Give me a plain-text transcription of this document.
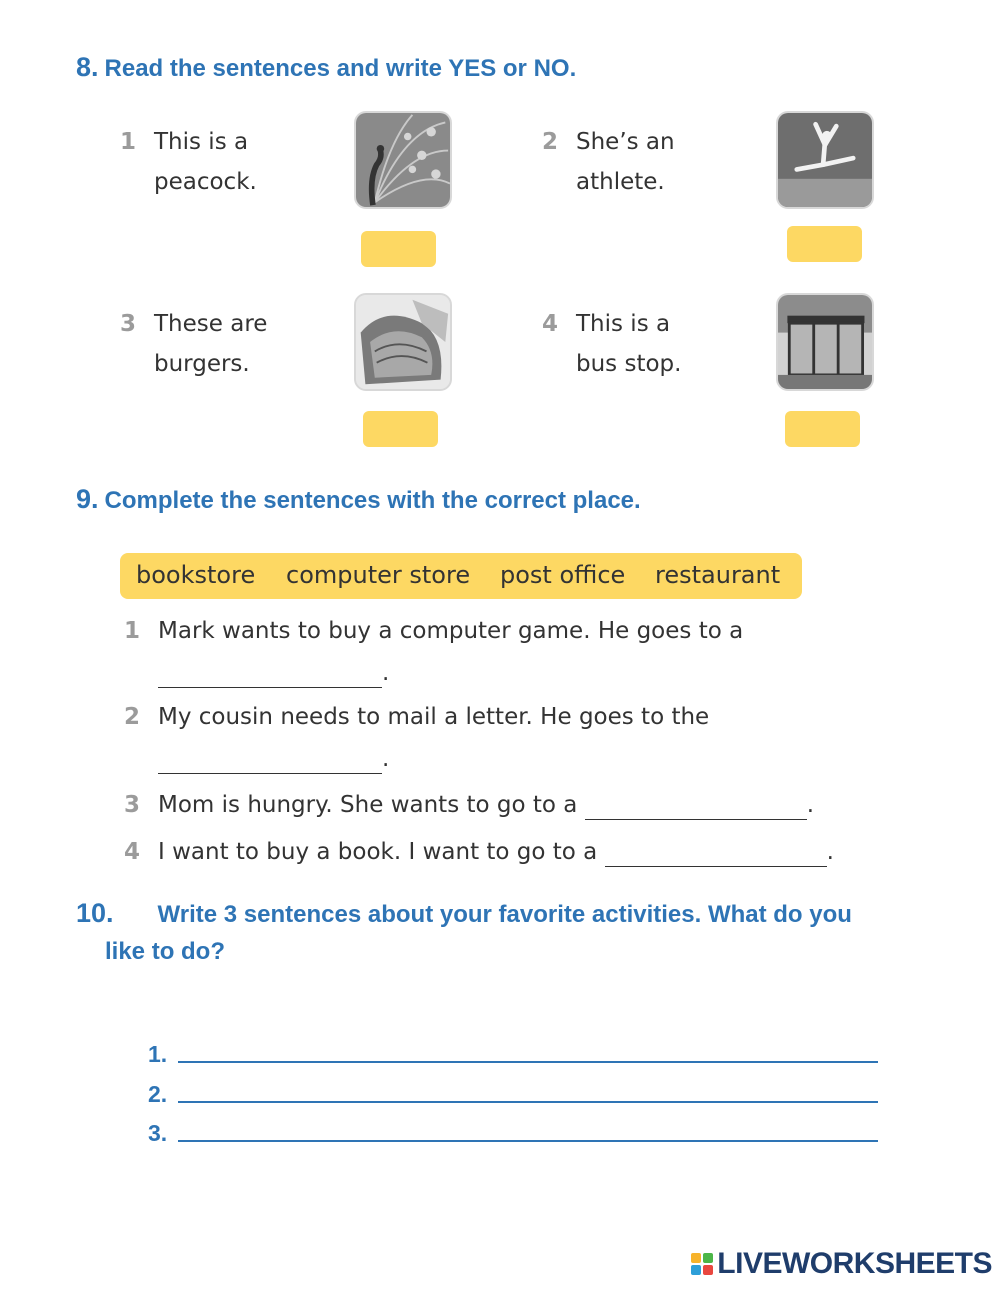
8. Read the sentences and write YES or NO.
1 This is a
peacock.
2 She’s an
athlete.
3 These are
burgers.
4 This is a
bus stop.
9. Complete the sentences with the correct place.
bookstore computer store post office restaurant
1 Mark wants to buy a computer game. He goes to a
.
2 My cousin needs to mail a letter. He goes to the
.
3 Mom is hungry. She wants to go to a	.
4 I want to buy a book. I want to go to a	.
10. Write 3 sentences about your favorite activities. What do you
like to do?
1.
2.
3.
LIVEWORKSHEETS
